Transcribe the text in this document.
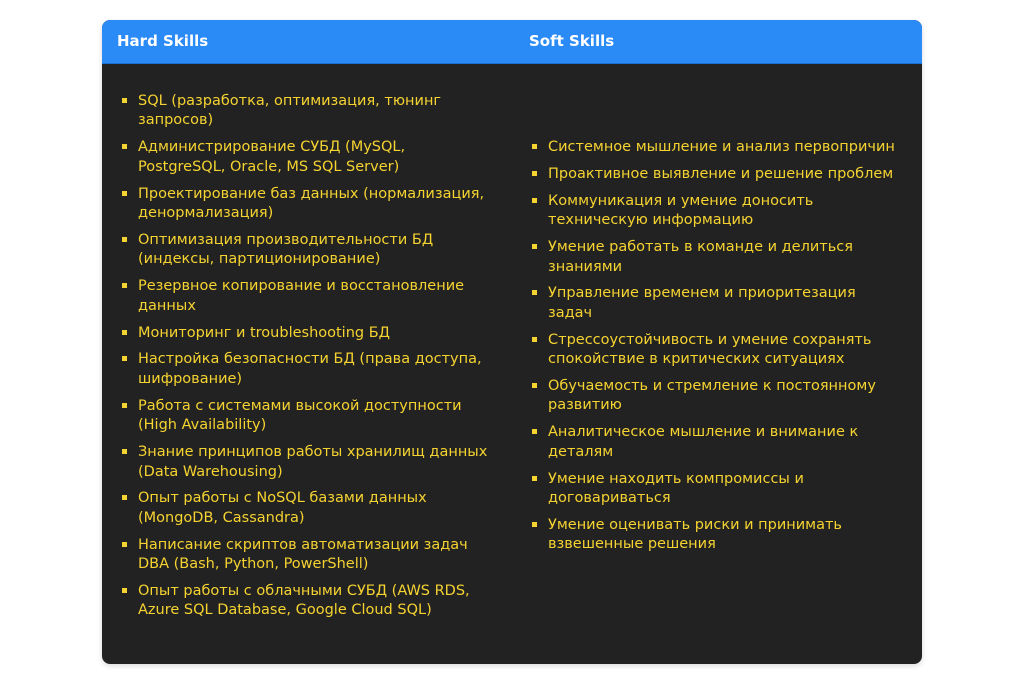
Hard Skills	Soft Skills
SQL (разработка, оптимизация, тюнинг запросов)
Администрирование СУБД (MySQL, PostgreSQL, Oracle, MS SQL Server)
Проектирование баз данных (нормализация, денормализация)
Оптимизация производительности БД (индексы, партиционирование)
Резервное копирование и восстановление данных
Мониторинг и troubleshooting БД
Настройка безопасности БД (права доступа, шифрование)
Работа с системами высокой доступности (High Availability)
Знание принципов работы хранилищ данных (Data Warehousing)
Опыт работы с NoSQL базами данных (MongoDB, Cassandra)
Написание скриптов автоматизации задач DBA (Bash, Python, PowerShell)
Опыт работы с облачными СУБД (AWS RDS, Azure SQL Database, Google Cloud SQL)
Системное мышление и анализ первопричин
Проактивное выявление и решение проблем
Коммуникация и умение доносить техническую информацию
Умение работать в команде и делиться знаниями
Управление временем и приоритезация задач
Стрессоустойчивость и умение сохранять спокойствие в критических ситуациях
Обучаемость и стремление к постоянному развитию
Аналитическое мышление и внимание к деталям
Умение находить компромиссы и договариваться
Умение оценивать риски и принимать взвешенные решения
